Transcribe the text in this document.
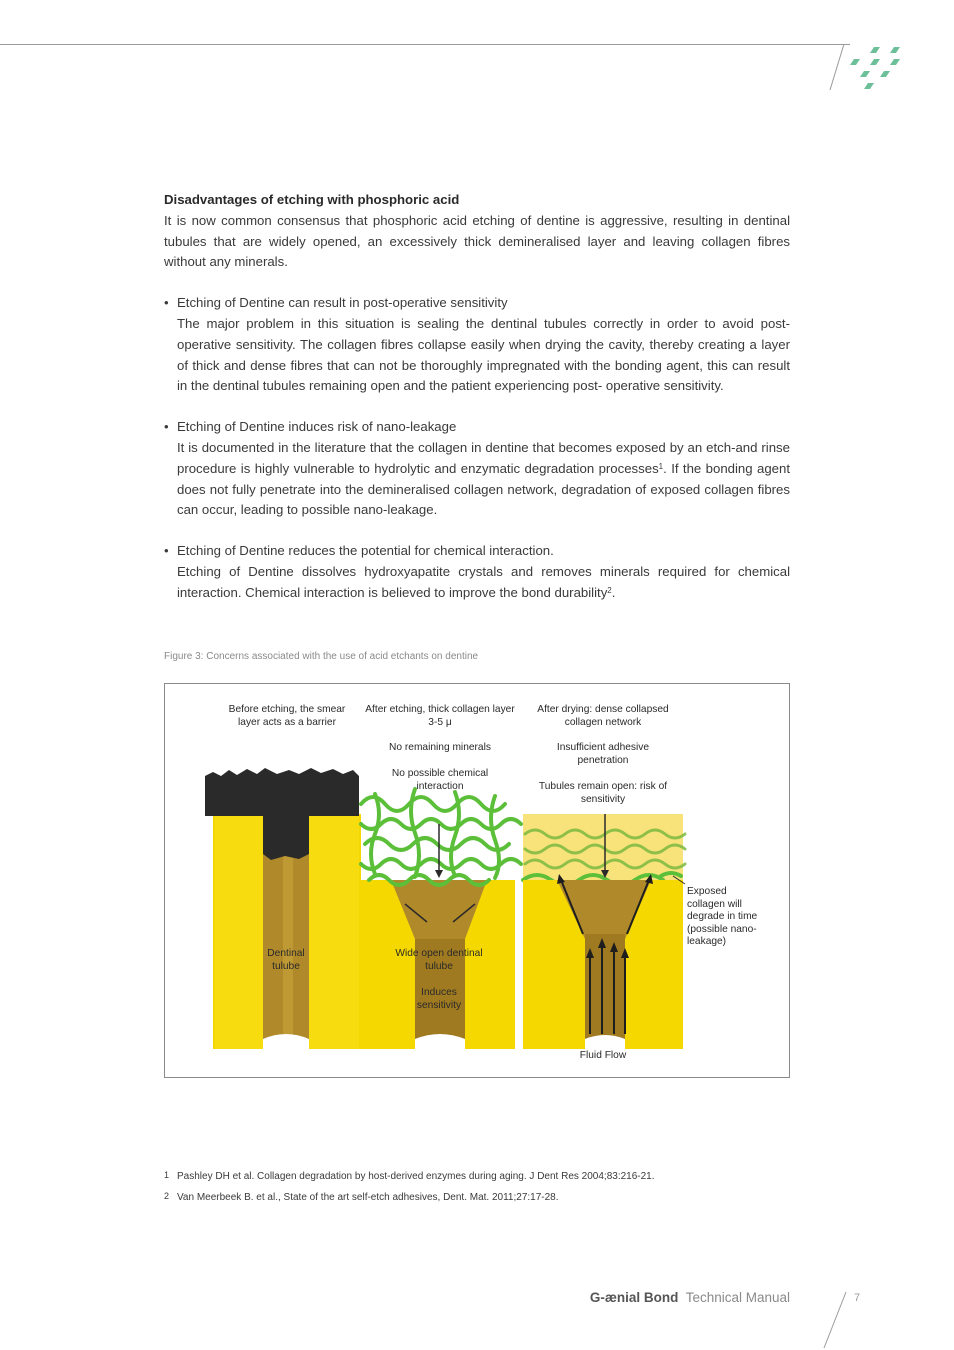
Disadvantages of etching with phosphoric acid
It is now common consensus that phosphoric acid etching of dentine is aggressive, resulting in dentinal tubules that are widely opened, an excessively thick demineralised layer and leaving collagen fibres without any minerals.
• Etching of Dentine can result in post-operative sensitivity
The major problem in this situation is sealing the dentinal tubules correctly in order to avoid post-operative sensitivity. The collagen fibres collapse easily when drying the cavity, thereby creating a layer of thick and dense fibres that can not be thoroughly impregnated with the bonding agent, this can result in the dentinal tubules remaining open and the patient experiencing post- operative sensitivity.
• Etching of Dentine induces risk of nano-leakage
It is documented in the literature that the collagen in dentine that becomes exposed by an etch-and rinse procedure is highly vulnerable to hydrolytic and enzymatic degradation processes$^1$. If the bonding agent does not fully penetrate into the demineralised collagen network, degradation of exposed collagen fibres can occur, leading to possible nano-leakage.
• Etching of Dentine reduces the potential for chemical interaction.
Etching of Dentine dissolves hydroxyapatite crystals and removes minerals required for chemical interaction. Chemical interaction is believed to improve the bond durability$^2$.
Figure 3: Concerns associated with the use of acid etchants on dentine
Before etching, the smear layer acts as a barrier
After etching, thick collagen layer 3-5 μ
No remaining minerals
No possible chemical interaction
After drying: dense collapsed collagen network
Insufficient adhesive penetration
Tubules remain open: risk of sensitivity
Exposed collagen will degrade in time (possible nano-leakage)
Dentinal tulube
Wide open dentinal tulube
Induces sensitivity
Fluid Flow
1 Pashley DH et al. Collagen degradation by host-derived enzymes during aging. J Dent Res 2004;83:216-21.
2 Van Meerbeek B. et al., State of the art self-etch adhesives, Dent. Mat. 2011;27:17-28.
G-ænial Bond Technical Manual	7
